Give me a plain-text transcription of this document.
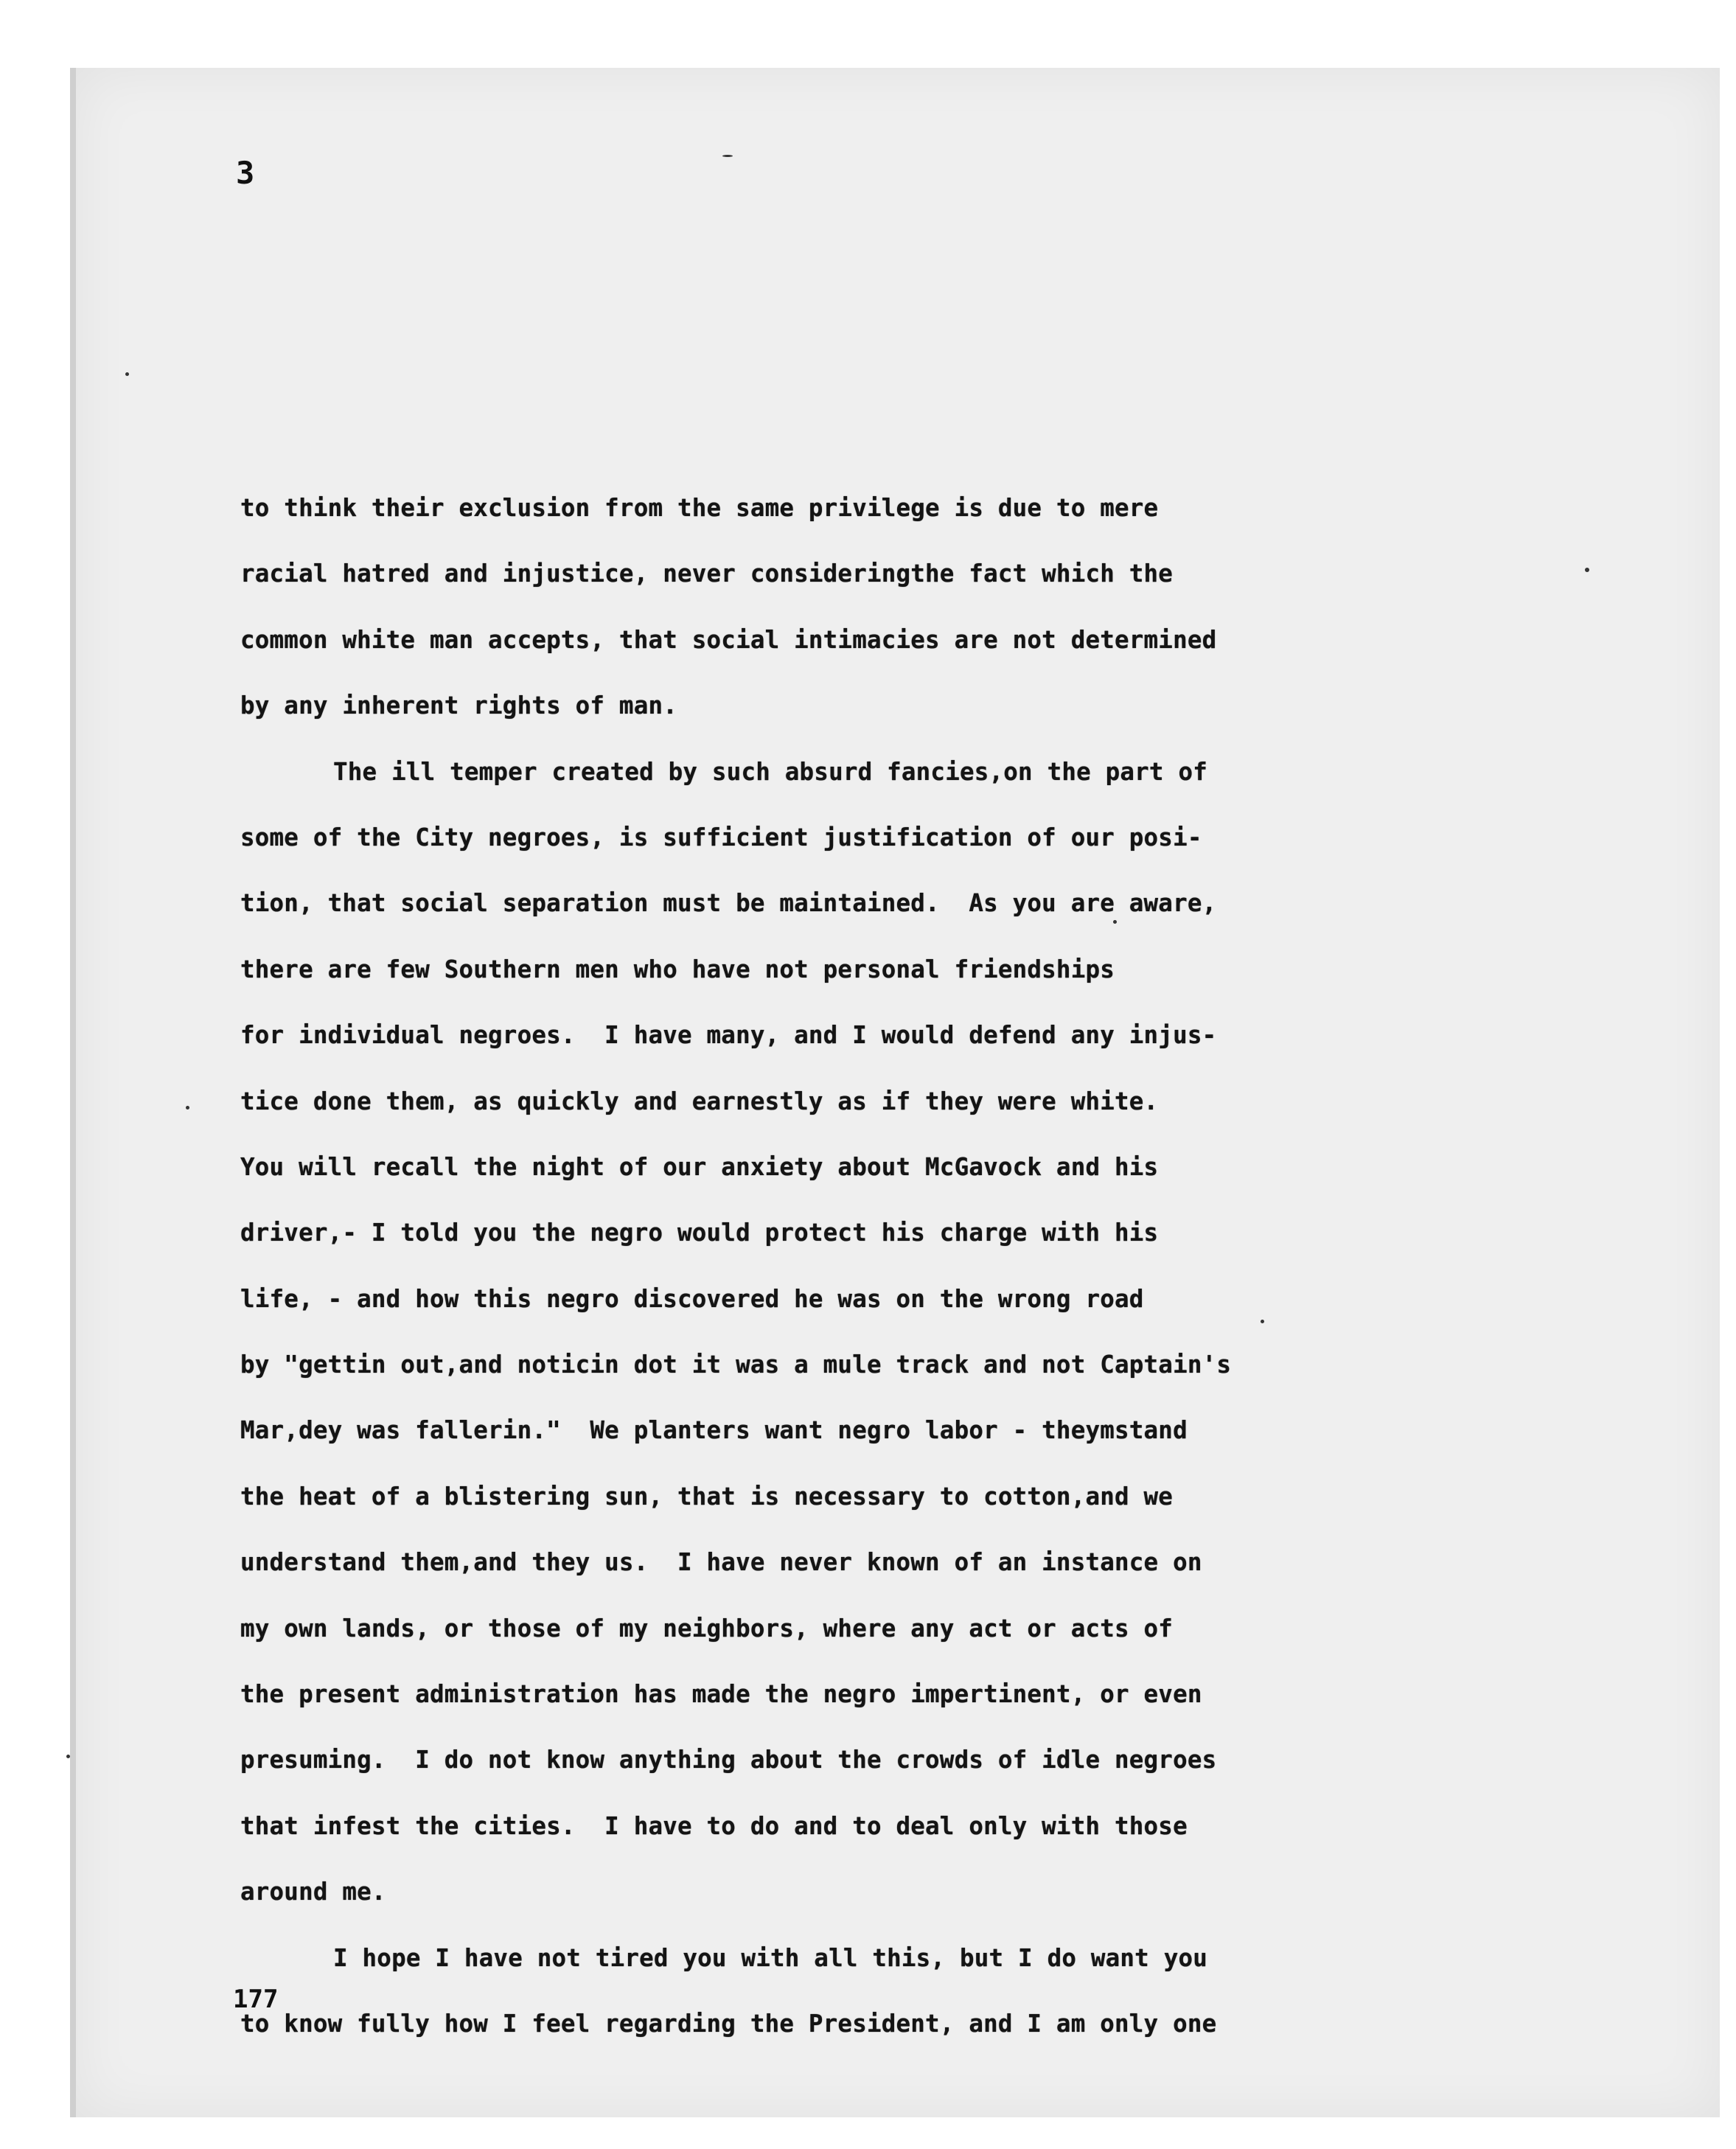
3

to think their exclusion from the same privilege is due to mere
racial hatred and injustice, never consideringthe fact which the
common white man accepts, that social intimacies are not determined
by any inherent rights of man.
The ill temper created by such absurd fancies,on the part of
some of the City negroes, is sufficient justification of our posi-
tion, that social separation must be maintained.  As you are aware,
there are few Southern men who have not personal friendships
for individual negroes.  I have many, and I would defend any injus-
tice done them, as quickly and earnestly as if they were white.
You will recall the night of our anxiety about McGavock and his
driver,- I told you the negro would protect his charge with his
life, - and how this negro discovered he was on the wrong road
by "gettin out,and noticin dot it was a mule track and not Captain's
Mar,dey was fallerin."  We planters want negro labor - theymstand
the heat of a blistering sun, that is necessary to cotton,and we
understand them,and they us.  I have never known of an instance on
my own lands, or those of my neighbors, where any act or acts of
the present administration has made the negro impertinent, or even
presuming.  I do not know anything about the crowds of idle negroes
that infest the cities.  I have to do and to deal only with those
around me.
I hope I have not tired you with all this, but I do want you
to know fully how I feel regarding the President, and I am only one

177
